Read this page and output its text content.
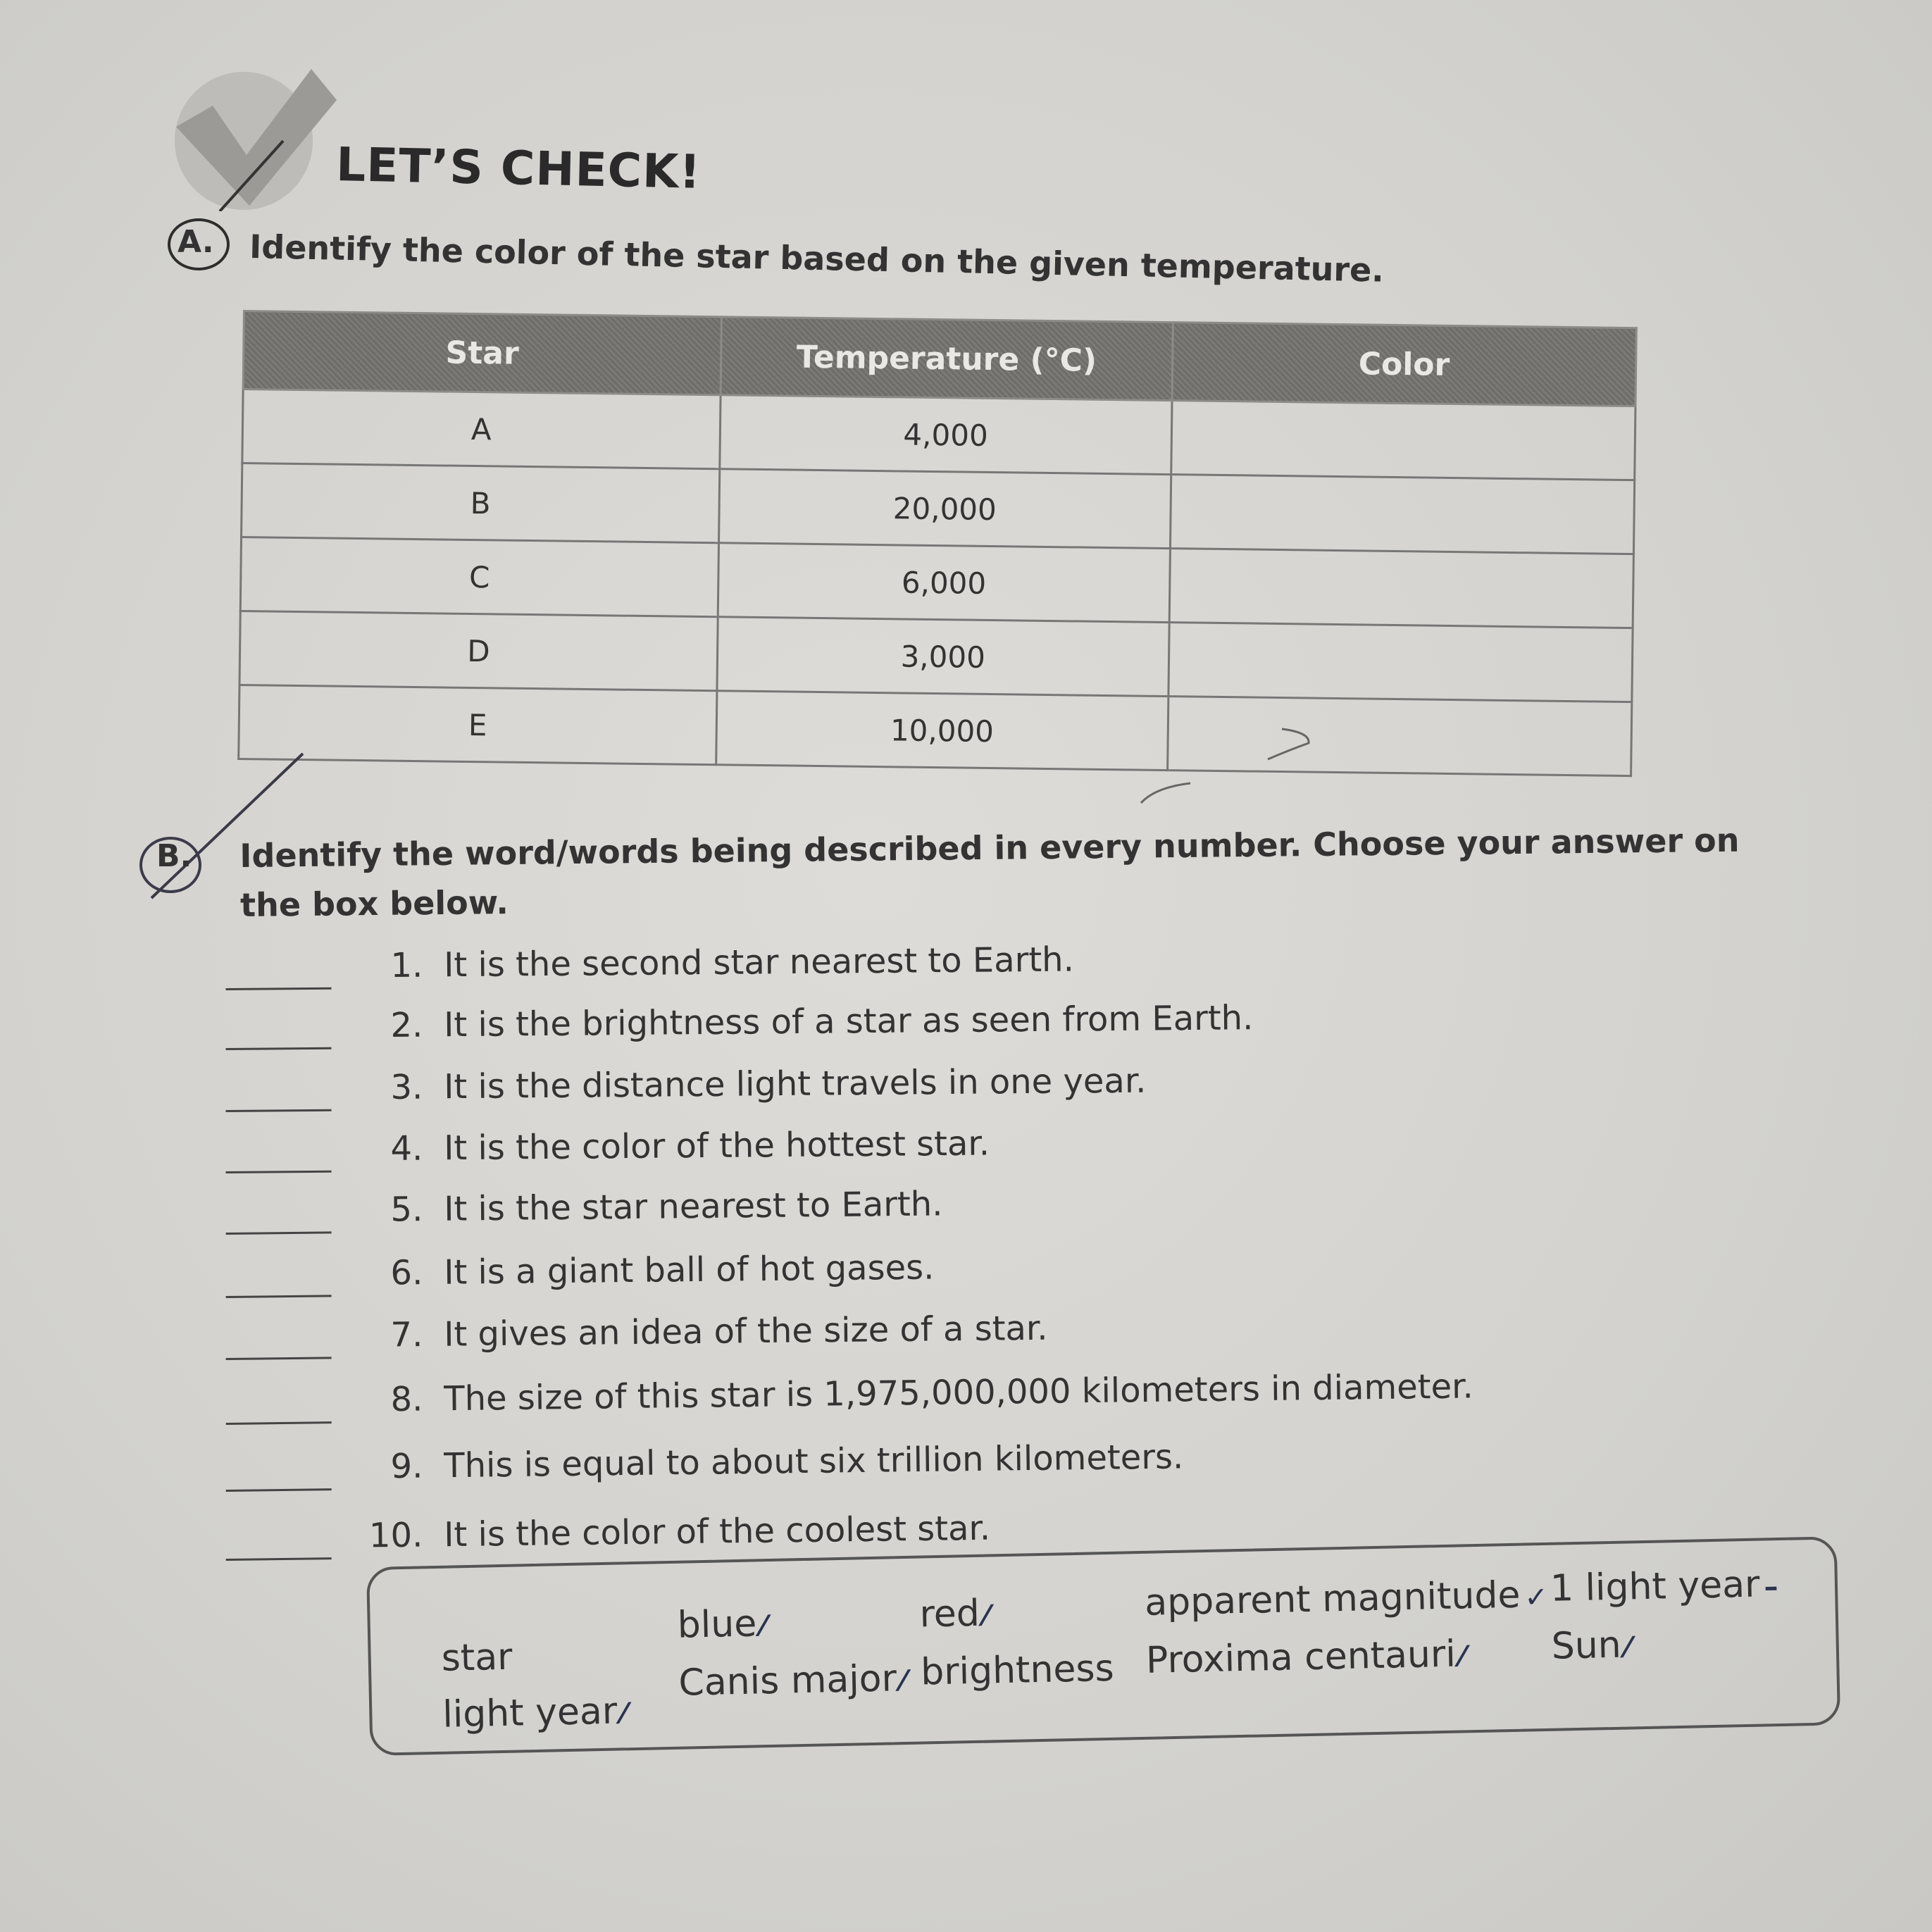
LET’S CHECK!
A. Identify the color of the star based on the given temperature.
Star	Temperature (°C)	Color
A	4,000	
B	20,000	
C	6,000	
D	3,000	
E	10,000	
B. Identify the word/words being described in every number. Choose your answer on the box below.
1. It is the second star nearest to Earth.
2. It is the brightness of a star as seen from Earth.
3. It is the distance light travels in one year.
4. It is the color of the hottest star.
5. It is the star nearest to Earth.
6. It is a giant ball of hot gases.
7. It gives an idea of the size of a star.
8. The size of this star is 1,975,000,000 kilometers in diameter.
9. This is equal to about six trillion kilometers.
10. It is the color of the coolest star.
star
light year ⁄
blue ⁄
Canis major ⁄
red ⁄
brightness
apparent magnitude ✓
Proxima centauri ⁄
1 light year –
Sun ⁄
